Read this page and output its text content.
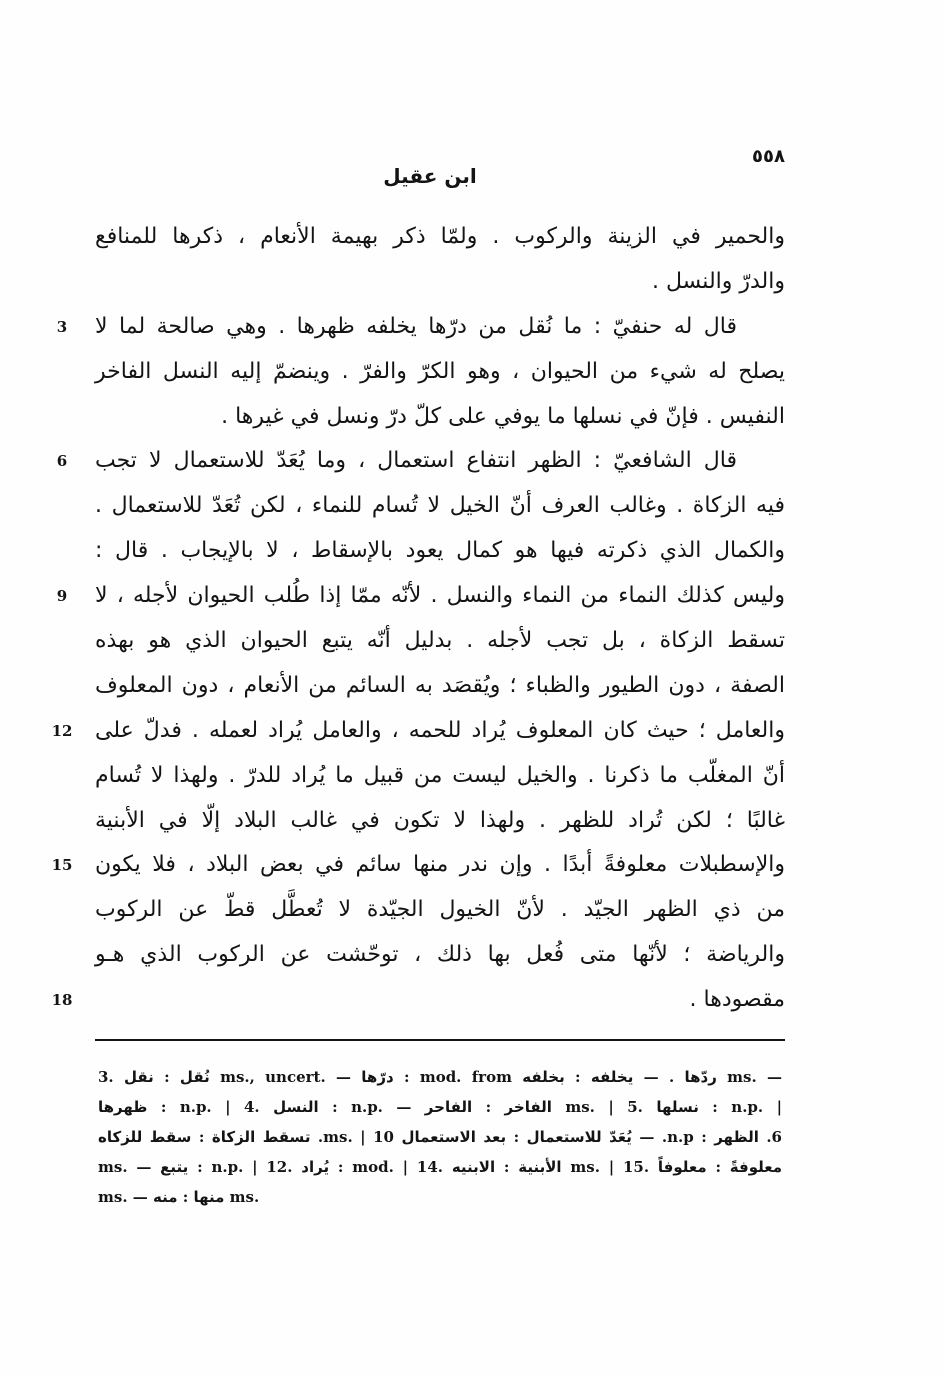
٥٥٨
ابن عقيل
والحمير في الزينة والركوب . ولمّا ذكر بهيمة الأنعام ، ذكرها للمنافع
والدرّ والنسل .
3	قال له حنفيّ : ما نُقل من درّها يخلفه ظهرها . وهي صالحة لما لا
يصلح له شيء من الحيوان ، وهو الكرّ والفرّ . وينضمّ إليه النسل الفاخر
النفيس . فإنّ في نسلها ما يوفي على كلّ درّ ونسل في غيرها .
6	قال الشافعيّ : الظهر انتفاع استعمال ، وما يُعَدّ للاستعمال لا تجب
فيه الزكاة . وغالب العرف أنّ الخيل لا تُسام للنماء ، لكن تُعَدّ للاستعمال .
والكمال الذي ذكرته فيها هو كمال يعود بالإسقاط ، لا بالإيجاب . قال :
9	وليس كذلك النماء من النماء والنسل . لأنّه ممّا إذا طُلب الحيوان لأجله ، لا
تسقط الزكاة ، بل تجب لأجله . بدليل أنّه يتبع الحيوان الذي هو بهذه
الصفة ، دون الطيور والظباء ؛ ويُقصَد به السائم من الأنعام ، دون المعلوف
12 والعامل ؛ حيث كان المعلوف يُراد للحمه ، والعامل يُراد لعمله . فدلّ على
أنّ المغلّب ما ذكرنا . والخيل ليست من قبيل ما يُراد للدرّ . ولهذا لا تُسام
غالبًا ؛ لكن تُراد للظهر . ولهذا لا تكون في غالب البلاد إلّا في الأبنية
15 والإسطبلات معلوفةً أبدًا . وإن ندر منها سائم في بعض البلاد ، فلا يكون
من ذي الظهر الجيّد . لأنّ الخيول الجيّدة لا تُعطَّل قطّ عن الركوب
والرياضة ؛ لأنّها متى فُعل بها ذلك ، توحّشت عن الركوب الذي هـو
18	مقصودها .
3. نُقل : نقل ms., uncert. — درّها : mod. from ردّها . — يخلفه : بخلفه ms. —
ظهرها : n.p. | 4. النسل : n.p. — الفاخر : الفاحر ms. | 5. نسلها : n.p. |
6. الظهر : n.p. — يُعَدّ للاستعمال : بعد الاستعمال ms. | 10. تسقط الزكاة : سقط للزكاه
ms. — يتبع : n.p. | 12. يُراد : mod. | 14. الأبنية : الابنيه ms. | 15. معلوفةً : معلوفاً
ms. — منها : منه ms.
